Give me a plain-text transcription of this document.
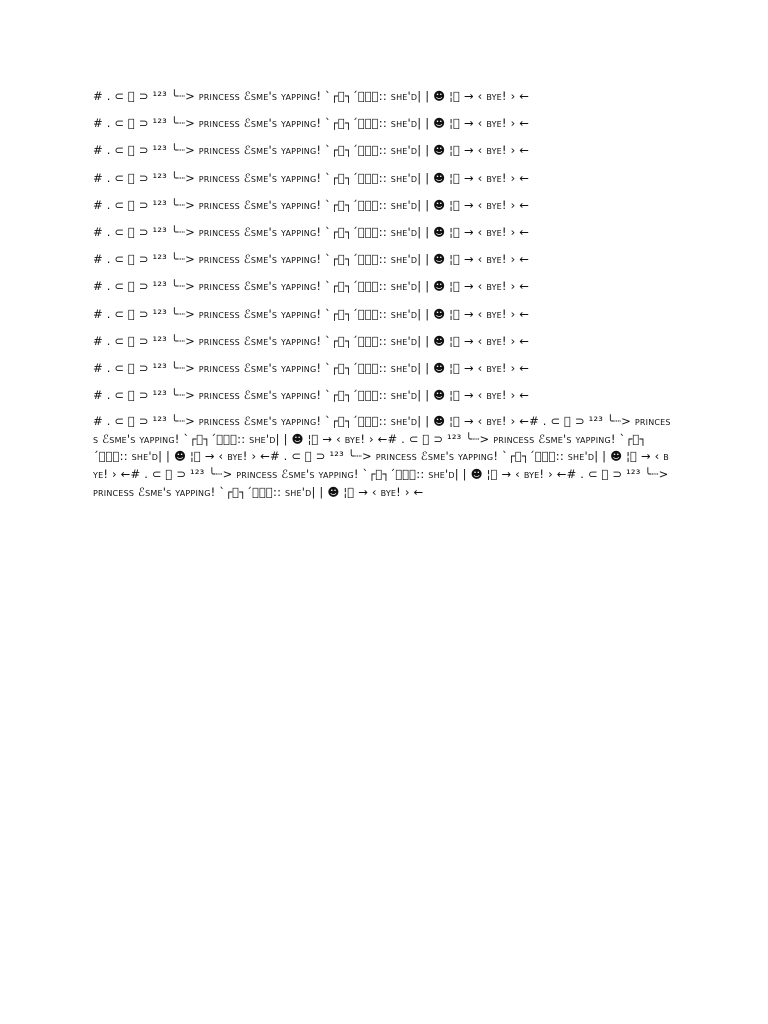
# . ⊂ ⃝ ⊃ ¹²³ ╰┈> princess ℰsme's yapping! `┌⃝┐´⃝⃝⃝:: she'd| | ☻ ¦⃝ → ‹ bye! › ←
# . ⊂ ⃝ ⊃ ¹²³ ╰┈> princess ℰsme's yapping! `┌⃝┐´⃝⃝⃝:: she'd| | ☻ ¦⃝ → ‹ bye! › ←
# . ⊂ ⃝ ⊃ ¹²³ ╰┈> princess ℰsme's yapping! `┌⃝┐´⃝⃝⃝:: she'd| | ☻ ¦⃝ → ‹ bye! › ←
# . ⊂ ⃝ ⊃ ¹²³ ╰┈> princess ℰsme's yapping! `┌⃝┐´⃝⃝⃝:: she'd| | ☻ ¦⃝ → ‹ bye! › ←
# . ⊂ ⃝ ⊃ ¹²³ ╰┈> princess ℰsme's yapping! `┌⃝┐´⃝⃝⃝:: she'd| | ☻ ¦⃝ → ‹ bye! › ←
# . ⊂ ⃝ ⊃ ¹²³ ╰┈> princess ℰsme's yapping! `┌⃝┐´⃝⃝⃝:: she'd| | ☻ ¦⃝ → ‹ bye! › ←
# . ⊂ ⃝ ⊃ ¹²³ ╰┈> princess ℰsme's yapping! `┌⃝┐´⃝⃝⃝:: she'd| | ☻ ¦⃝ → ‹ bye! › ←
# . ⊂ ⃝ ⊃ ¹²³ ╰┈> princess ℰsme's yapping! `┌⃝┐´⃝⃝⃝:: she'd| | ☻ ¦⃝ → ‹ bye! › ←
# . ⊂ ⃝ ⊃ ¹²³ ╰┈> princess ℰsme's yapping! `┌⃝┐´⃝⃝⃝:: she'd| | ☻ ¦⃝ → ‹ bye! › ←
# . ⊂ ⃝ ⊃ ¹²³ ╰┈> princess ℰsme's yapping! `┌⃝┐´⃝⃝⃝:: she'd| | ☻ ¦⃝ → ‹ bye! › ←
# . ⊂ ⃝ ⊃ ¹²³ ╰┈> princess ℰsme's yapping! `┌⃝┐´⃝⃝⃝:: she'd| | ☻ ¦⃝ → ‹ bye! › ←
# . ⊂ ⃝ ⊃ ¹²³ ╰┈> princess ℰsme's yapping! `┌⃝┐´⃝⃝⃝:: she'd| | ☻ ¦⃝ → ‹ bye! › ←
# . ⊂ ⃝ ⊃ ¹²³ ╰┈> princess ℰsme's yapping! `┌⃝┐´⃝⃝⃝:: she'd| | ☻ ¦⃝ → ‹ bye! › ←# . ⊂ ⃝ ⊃ ¹²³ ╰┈> princess ℰsme's yapping! `┌⃝┐´⃝⃝⃝:: she'd| | ☻ ¦⃝ → ‹ bye! › ←# . ⊂ ⃝ ⊃ ¹²³ ╰┈> princess ℰsme's yapping! `┌⃝┐´⃝⃝⃝:: she'd| | ☻ ¦⃝ → ‹ bye! › ←# . ⊂ ⃝ ⊃ ¹²³ ╰┈> princess ℰsme's yapping! `┌⃝┐´⃝⃝⃝:: she'd| | ☻ ¦⃝ → ‹ bye! › ←# . ⊂ ⃝ ⊃ ¹²³ ╰┈> princess ℰsme's yapping! `┌⃝┐´⃝⃝⃝:: she'd| | ☻ ¦⃝ → ‹ bye! › ←# . ⊂ ⃝ ⊃ ¹²³ ╰┈> princess ℰsme's yapping! `┌⃝┐´⃝⃝⃝:: she'd| | ☻ ¦⃝ → ‹ bye! › ←
